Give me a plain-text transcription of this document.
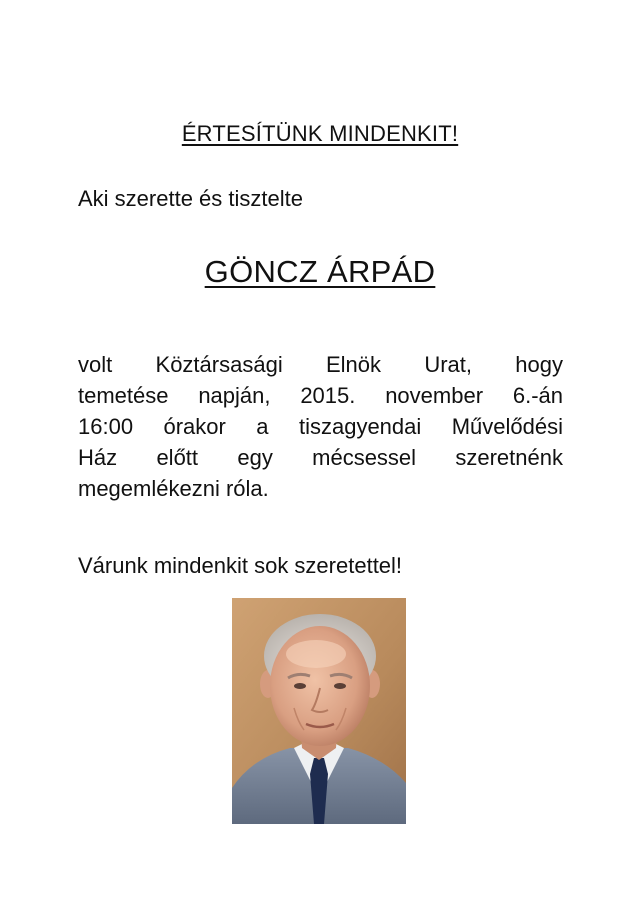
ÉRTESÍTÜNK MINDENKIT!
Aki szerette és tisztelte
GÖNCZ ÁRPÁD
volt Köztársasági Elnök Urat, hogy
temetése napján, 2015. november 6.-án
16:00 órakor a tiszagyendai Művelődési
Ház előtt egy mécsessel szeretnénk
megemlékezni róla.
Várunk mindenkit sok szeretettel!
